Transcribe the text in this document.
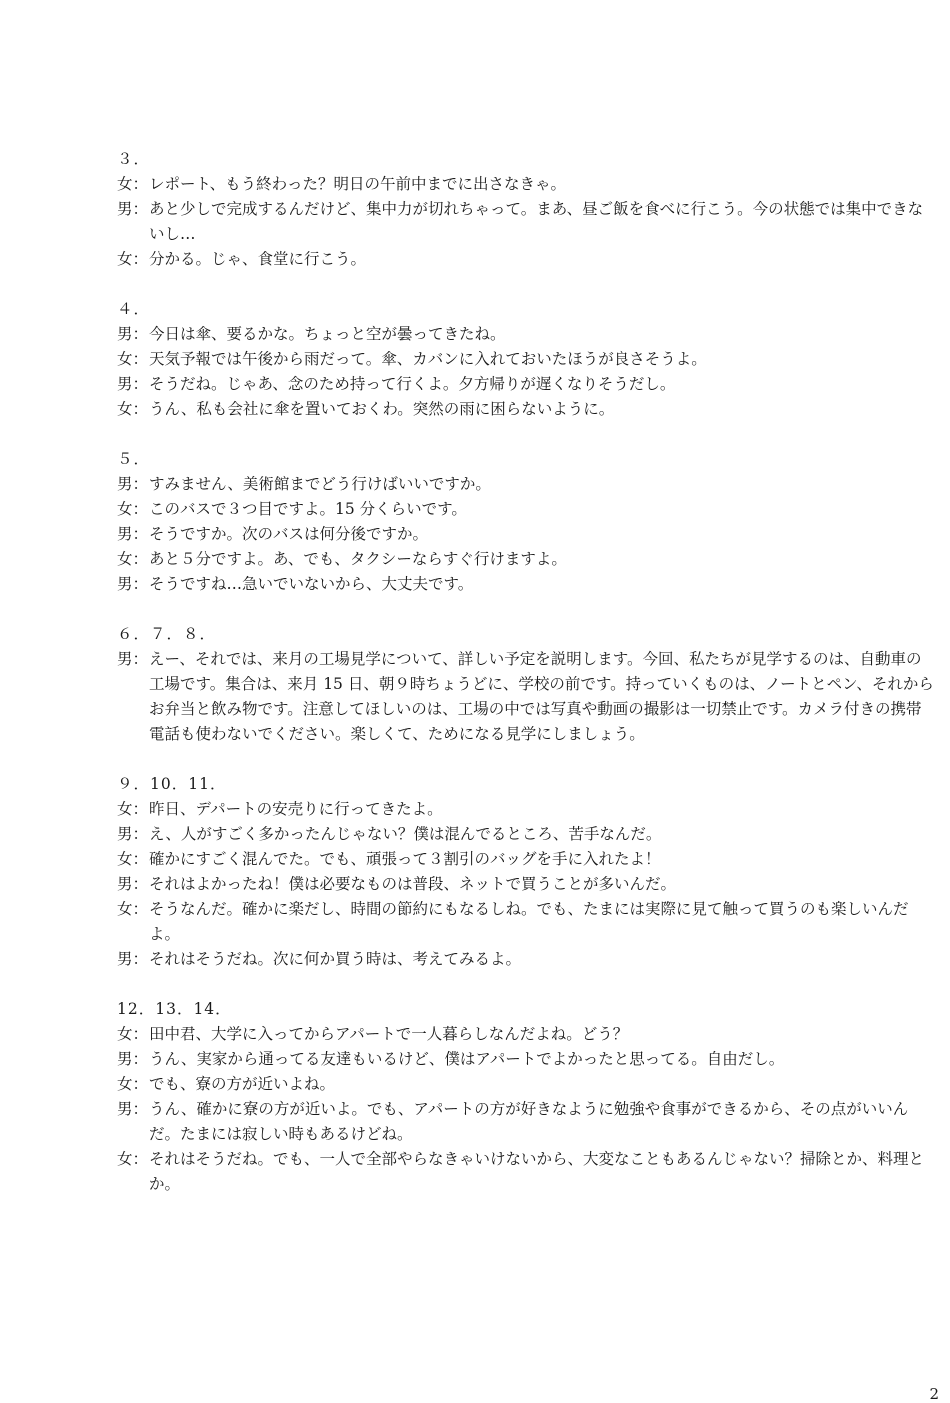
３．
女： レポート、もう終わった？明日の午前中までに出さなきゃ。
男： あと少しで完成するんだけど、集中力が切れちゃって。まあ、昼ご飯を食べに行こう。今の状態では集中できないし…
女： 分かる。じゃ、食堂に行こう。
４．
男： 今日は傘、要るかな。ちょっと空が曇ってきたね。
女： 天気予報では午後から雨だって。傘、カバンに入れておいたほうが良さそうよ。
男： そうだね。じゃあ、念のため持って行くよ。夕方帰りが遅くなりそうだし。
女： うん、私も会社に傘を置いておくわ。突然の雨に困らないように。
５．
男： すみません、美術館までどう行けばいいですか。
女： このバスで３つ目ですよ。15 分くらいです。
男： そうですか。次のバスは何分後ですか。
女： あと５分ですよ。あ、でも、タクシーならすぐ行けますよ。
男： そうですね…急いでいないから、大丈夫です。
６．７．８．
男： えー、それでは、来月の工場見学について、詳しい予定を説明します。今回、私たちが見学するのは、自動車の工場です。集合は、来月 15 日、朝９時ちょうどに、学校の前です。持っていくものは、ノートとペン、それからお弁当と飲み物です。注意してほしいのは、工場の中では写真や動画の撮影は一切禁止です。カメラ付きの携帯電話も使わないでください。楽しくて、ためになる見学にしましょう。
９．10．11．
女： 昨日、デパートの安売りに行ってきたよ。
男： え、人がすごく多かったんじゃない？僕は混んでるところ、苦手なんだ。
女： 確かにすごく混んでた。でも、頑張って３割引のバッグを手に入れたよ！
男： それはよかったね！僕は必要なものは普段、ネットで買うことが多いんだ。
女： そうなんだ。確かに楽だし、時間の節約にもなるしね。でも、たまには実際に見て触って買うのも楽しいんだよ。
男： それはそうだね。次に何か買う時は、考えてみるよ。
12．13．14．
女： 田中君、大学に入ってからアパートで一人暮らしなんだよね。どう？
男： うん、実家から通ってる友達もいるけど、僕はアパートでよかったと思ってる。自由だし。
女： でも、寮の方が近いよね。
男： うん、確かに寮の方が近いよ。でも、アパートの方が好きなように勉強や食事ができるから、その点がいいんだ。たまには寂しい時もあるけどね。
女： それはそうだね。でも、一人で全部やらなきゃいけないから、大変なこともあるんじゃない？掃除とか、料理とか。
2
